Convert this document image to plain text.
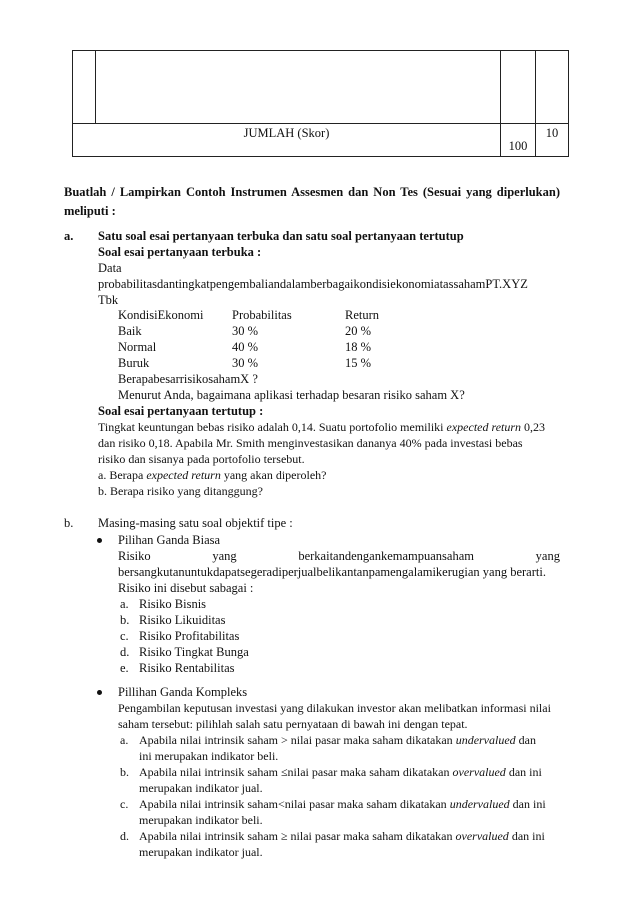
JUMLAH (Skor)		100	10
Buatlah / Lampirkan Contoh Instrumen Assesmen dan Non Tes (Sesuai yang diperlukan) meliputi :
a. Satu soal esai pertanyaan terbuka dan satu soal pertanyaan tertutup
Soal esai pertanyaan terbuka :
Data
probabilitasdantingkatpengembaliandalamberbagaikondisiekonomiatassahamPT.XYZ
Tbk
KondisiEkonomi Probabilitas	Return
Baik	30 %	20 %
Normal	40 %	18 %
Buruk	30 %	15 %
BerapabesarrisikosahamX ?
Menurut Anda, bagaimana aplikasi terhadap besaran risiko saham X?
Soal esai pertanyaan tertutup :
Tingkat keuntungan bebas risiko adalah 0,14. Suatu portofolio memiliki expected return 0,23
dan risiko 0,18. Apabila Mr. Smith menginvestasikan dananya 40% pada investasi bebas
risiko dan sisanya pada portofolio tersebut.
a. Berapa expected return yang akan diperoleh?
b. Berapa risiko yang ditanggung?
b. Masing-masing satu soal objektif tipe :
Pilihan Ganda Biasa
Risiko	yang	berkaitandengankemampuansaham	yang
bersangkutanuntukdapatsegeradiperjualbelikantanpamengalamikerugian yang berarti.
Risiko ini disebut sabagai :
a. Risiko Bisnis
b. Risiko Likuiditas
c. Risiko Profitabilitas
d. Risiko Tingkat Bunga
e. Risiko Rentabilitas
Pillihan Ganda Kompleks
Pengambilan keputusan investasi yang dilakukan investor akan melibatkan informasi nilai
saham tersebut: pilihlah salah satu pernyataan di bawah ini dengan tepat.
a. Apabila nilai intrinsik saham > nilai pasar maka saham dikatakan undervalued dan
ini merupakan indikator beli.
b. Apabila nilai intrinsik saham ≤nilai pasar maka saham dikatakan overvalued dan ini
merupakan indikator jual.
c. Apabila nilai intrinsik saham<nilai pasar maka saham dikatakan undervalued dan ini
merupakan indikator beli.
d. Apabila nilai intrinsik saham ≥ nilai pasar maka saham dikatakan overvalued dan ini
merupakan indikator jual.
